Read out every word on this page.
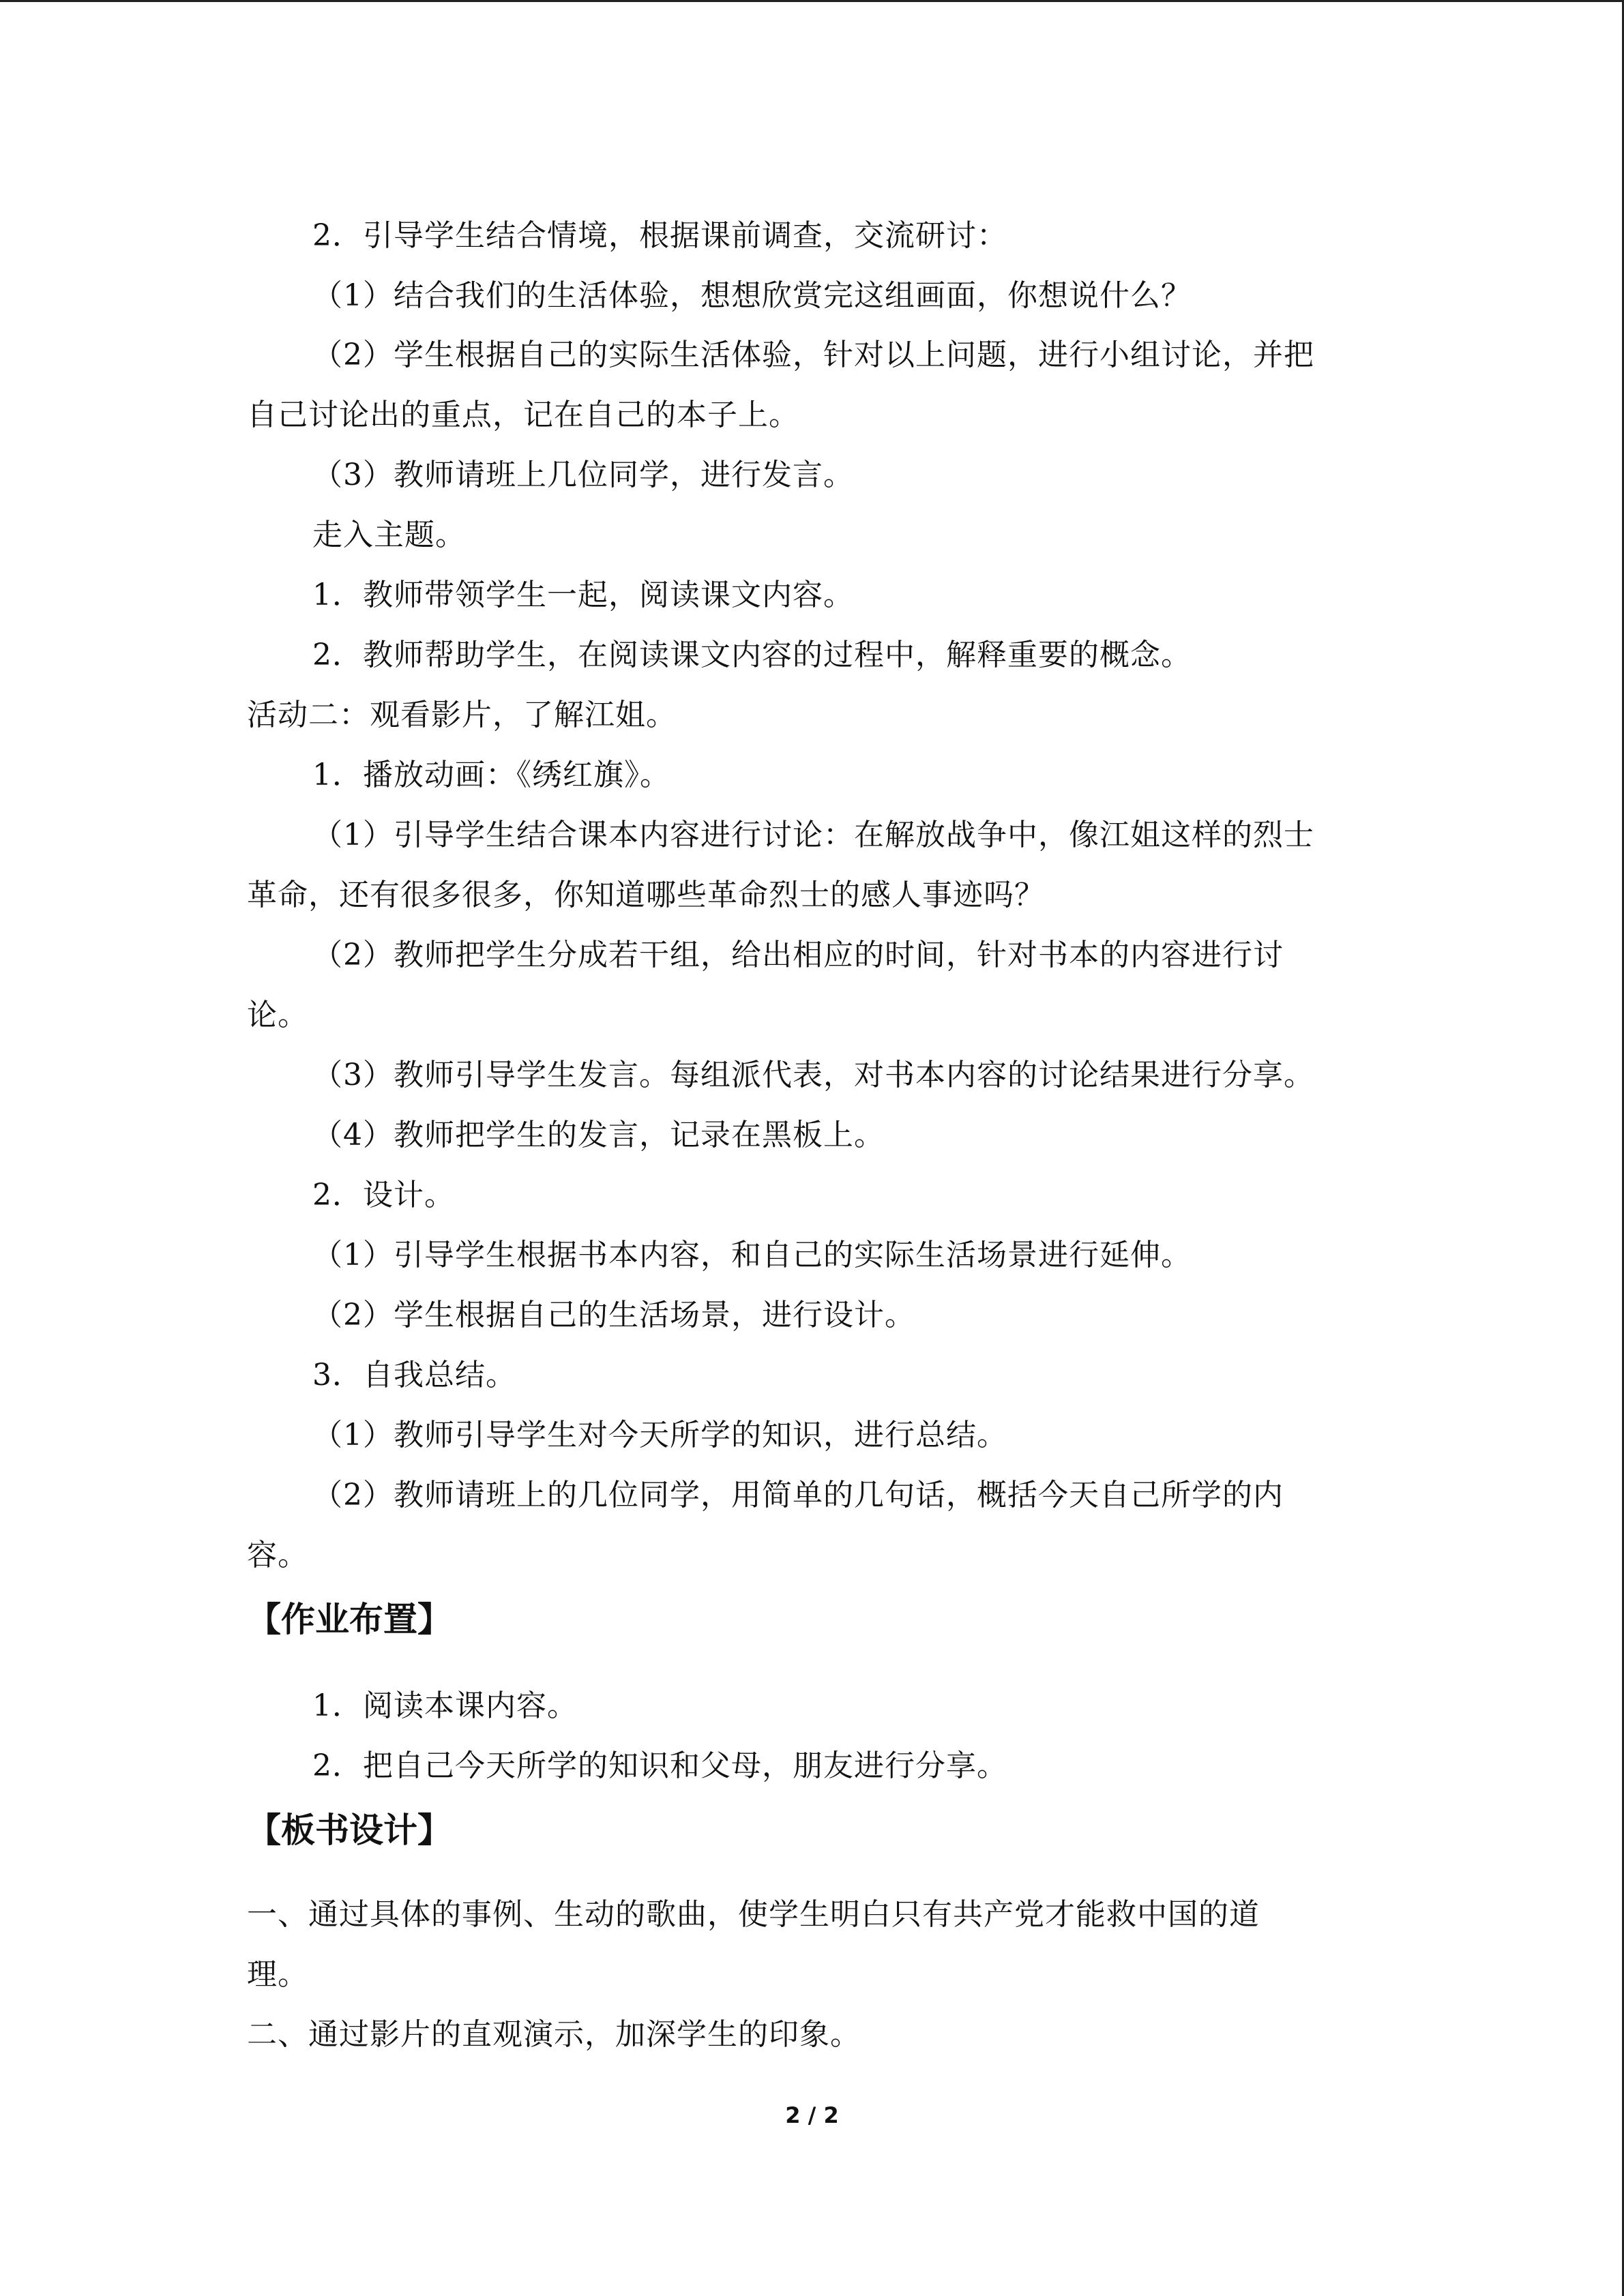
2．引导学生结合情境，根据课前调查，交流研讨：
（1）结合我们的生活体验，想想欣赏完这组画面，你想说什么？
（2）学生根据自己的实际生活体验，针对以上问题，进行小组讨论，并把
自己讨论出的重点，记在自己的本子上。
（3）教师请班上几位同学，进行发言。
走入主题。
1．教师带领学生一起，阅读课文内容。
2．教师帮助学生，在阅读课文内容的过程中，解释重要的概念。
活动二：观看影片，了解江姐。
1．播放动画：《绣红旗》。
（1）引导学生结合课本内容进行讨论：在解放战争中，像江姐这样的烈士
革命，还有很多很多，你知道哪些革命烈士的感人事迹吗？
（2）教师把学生分成若干组，给出相应的时间，针对书本的内容进行讨
论。
（3）教师引导学生发言。每组派代表，对书本内容的讨论结果进行分享。
（4）教师把学生的发言，记录在黑板上。
2．设计。
（1）引导学生根据书本内容，和自己的实际生活场景进行延伸。
（2）学生根据自己的生活场景，进行设计。
3．自我总结。
（1）教师引导学生对今天所学的知识，进行总结。
（2）教师请班上的几位同学，用简单的几句话，概括今天自己所学的内
容。
【作业布置】
1．阅读本课内容。
2．把自己今天所学的知识和父母，朋友进行分享。
【板书设计】
一、通过具体的事例、生动的歌曲，使学生明白只有共产党才能救中国的道
理。
二、通过影片的直观演示，加深学生的印象。
2 / 2
